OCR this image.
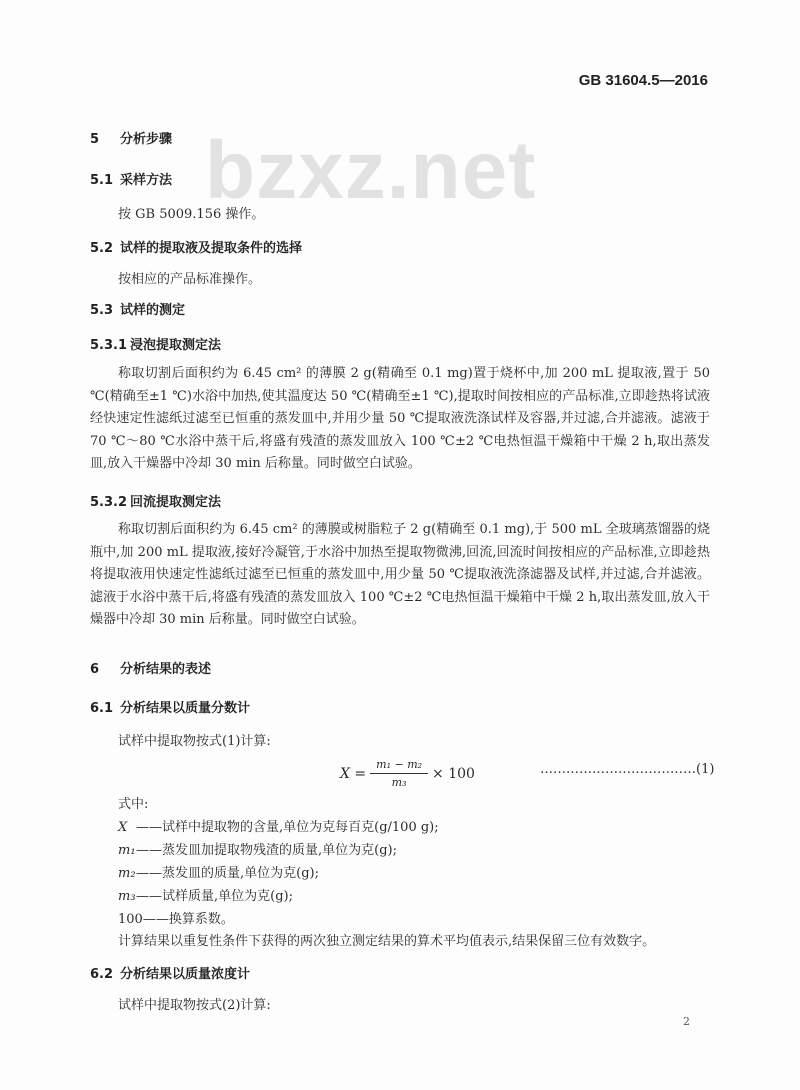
GB 31604.5—2016
bzxz.net
5 分析步骤
5.1 采样方法
按 GB 5009.156 操作。
5.2 试样的提取液及提取条件的选择
按相应的产品标准操作。
5.3 试样的测定
5.3.1 浸泡提取测定法
称取切割后面积约为 6.45 cm² 的薄膜 2 g(精确至 0.1 mg)置于烧杯中,加 200 mL 提取液,置于 50 ℃(精确至±1 ℃)水浴中加热,使其温度达 50 ℃(精确至±1 ℃),提取时间按相应的产品标准,立即趁热将试液经快速定性滤纸过滤至已恒重的蒸发皿中,并用少量 50 ℃提取液洗涤试样及容器,并过滤,合并滤液。滤液于 70 ℃～80 ℃水浴中蒸干后,将盛有残渣的蒸发皿放入 100 ℃±2 ℃电热恒温干燥箱中干燥 2 h,取出蒸发皿,放入干燥器中冷却 30 min 后称量。同时做空白试验。
5.3.2 回流提取测定法
称取切割后面积约为 6.45 cm² 的薄膜或树脂粒子 2 g(精确至 0.1 mg),于 500 mL 全玻璃蒸馏器的烧瓶中,加 200 mL 提取液,接好冷凝管,于水浴中加热至提取物微沸,回流,回流时间按相应的产品标准,立即趁热将提取液用快速定性滤纸过滤至已恒重的蒸发皿中,用少量 50 ℃提取液洗涤滤器及试样,并过滤,合并滤液。滤液于水浴中蒸干后,将盛有残渣的蒸发皿放入 100 ℃±2 ℃电热恒温干燥箱中干燥 2 h,取出蒸发皿,放入干燥器中冷却 30 min 后称量。同时做空白试验。
6 分析结果的表述
6.1 分析结果以质量分数计
试样中提取物按式(1)计算:
$X = \frac{\text{m₁ − m₂}}{\text{m₃}} \times 100$	………………………………(1)
式中:
X ——试样中提取物的含量,单位为克每百克(g/100 g);
m₁——蒸发皿加提取物残渣的质量,单位为克(g);
m₂——蒸发皿的质量,单位为克(g);
m₃——试样质量,单位为克(g);
100——换算系数。
计算结果以重复性条件下获得的两次独立测定结果的算术平均值表示,结果保留三位有效数字。
6.2 分析结果以质量浓度计
试样中提取物按式(2)计算:
2
